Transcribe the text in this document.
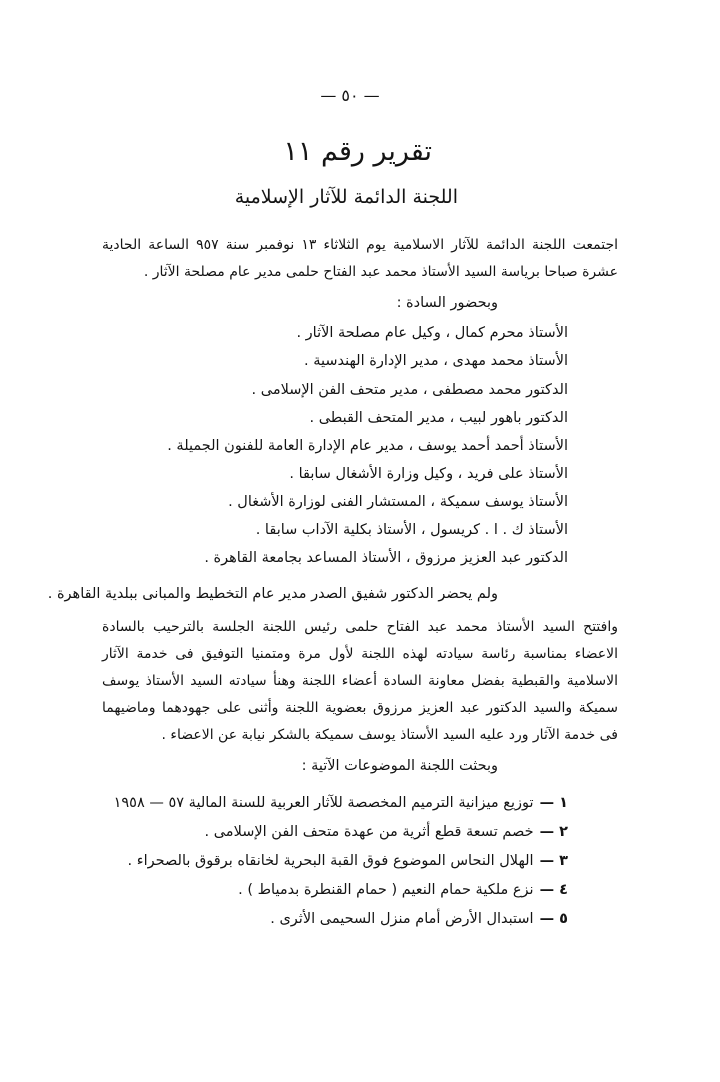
— ٥٠ —
تقرير رقم ١١
اللجنة الدائمة للآثار الإسلامية
اجتمعت اللجنة الدائمة للآثار الاسلامية يوم الثلاثاء ١٣ نوفمبر سنة ٩٥٧ الساعة الحادية عشرة صباحا برياسة السيد الأستاذ محمد عبد الفتاح حلمى مدير عام مصلحة الآثار .
وبحضور السادة :
الأستاذ محرم كمال ، وكيل عام مصلحة الآثار .
الأستاذ محمد مهدى ، مدير الإدارة الهندسية .
الدكتور محمد مصطفى ، مدير متحف الفن الإسلامى .
الدكتور باهور لبيب ، مدير المتحف القبطى .
الأستاذ أحمد أحمد يوسف ، مدير عام الإدارة العامة للفنون الجميلة .
الأستاذ على فريد ، وكيل وزارة الأشغال سابقا .
الأستاذ يوسف سميكة ، المستشار الفنى لوزارة الأشغال .
الأستاذ ك . ا . كريسول ، الأستاذ بكلية الآداب سابقا .
الدكتور عبد العزيز مرزوق ، الأستاذ المساعد بجامعة القاهرة .
ولم يحضر الدكتور شفيق الصدر مدير عام التخطيط والمبانى ببلدية القاهرة .
وافتتح السيد الأستاذ محمد عبد الفتاح حلمى رئيس اللجنة الجلسة بالترحيب بالسادة الاعضاء بمناسبة رئاسة سيادته لهذه اللجنة لأول مرة ومتمنيا التوفيق فى خدمة الآثار الاسلامية والقبطية بفضل معاونة السادة أعضاء اللجنة وهنأ سيادته السيد الأستاذ يوسف سميكة والسيد الدكتور عبد العزيز مرزوق بعضوية اللجنة وأثنى على جهودهما وماضيهما فى خدمة الآثار ورد عليه السيد الأستاذ يوسف سميكة بالشكر نيابة عن الاعضاء .
وبحثت اللجنة الموضوعات الآتية :
١ —توزيع ميزانية الترميم المخصصة للآثار العربية للسنة المالية ٥٧ — ١٩٥٨
٢ —خصم تسعة قطع أثرية من عهدة متحف الفن الإسلامى .
٣ —الهلال النحاس الموضوع فوق القبة البحرية لخانقاه برقوق بالصحراء .
٤ —نزع ملكية حمام النعيم ( حمام القنطرة بدمياط ) .
٥ —استبدال الأرض أمام منزل السحيمى الأثرى .
